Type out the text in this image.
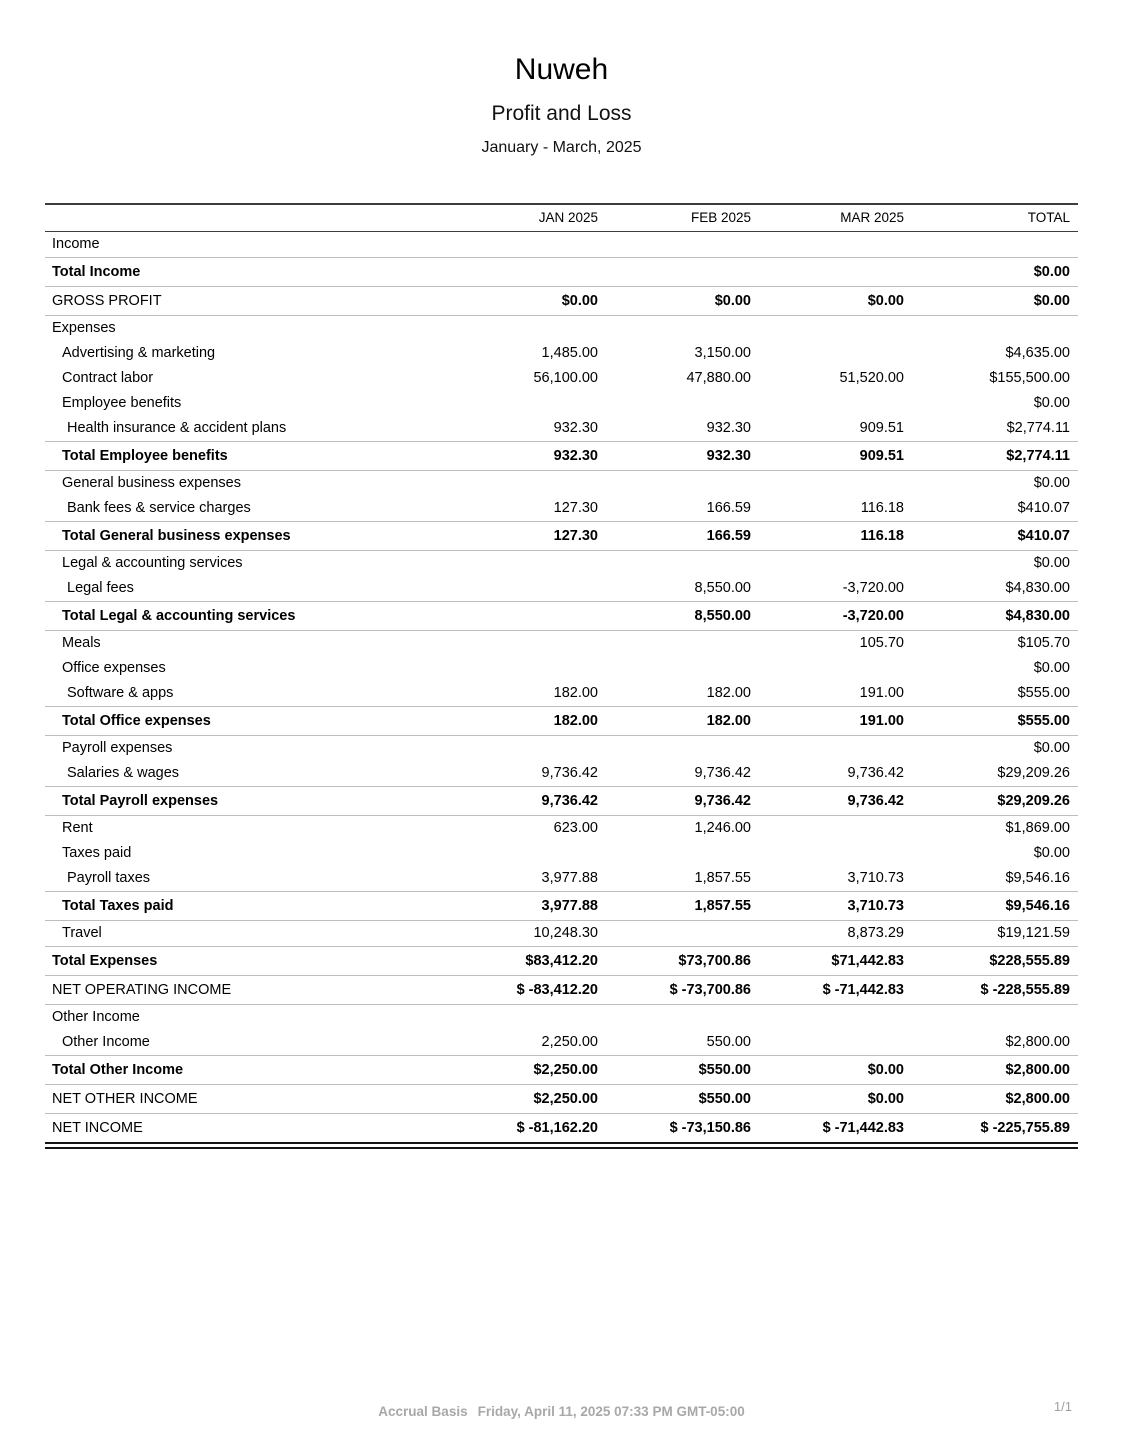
Nuweh
Profit and Loss
January - March, 2025
	JAN 2025	FEB 2025	MAR 2025	TOTAL
Income				
Total Income				$0.00
GROSS PROFIT	$0.00	$0.00	$0.00	$0.00
Expenses				
Advertising & marketing	1,485.00	3,150.00		$4,635.00
Contract labor	56,100.00	47,880.00	51,520.00	$155,500.00
Employee benefits				$0.00
Health insurance & accident plans	932.30	932.30	909.51	$2,774.11
Total Employee benefits	932.30	932.30	909.51	$2,774.11
General business expenses				$0.00
Bank fees & service charges	127.30	166.59	116.18	$410.07
Total General business expenses	127.30	166.59	116.18	$410.07
Legal & accounting services				$0.00
Legal fees		8,550.00	-3,720.00	$4,830.00
Total Legal & accounting services		8,550.00	-3,720.00	$4,830.00
Meals			105.70	$105.70
Office expenses				$0.00
Software & apps	182.00	182.00	191.00	$555.00
Total Office expenses	182.00	182.00	191.00	$555.00
Payroll expenses				$0.00
Salaries & wages	9,736.42	9,736.42	9,736.42	$29,209.26
Total Payroll expenses	9,736.42	9,736.42	9,736.42	$29,209.26
Rent	623.00	1,246.00		$1,869.00
Taxes paid				$0.00
Payroll taxes	3,977.88	1,857.55	3,710.73	$9,546.16
Total Taxes paid	3,977.88	1,857.55	3,710.73	$9,546.16
Travel	10,248.30		8,873.29	$19,121.59
Total Expenses	$83,412.20	$73,700.86	$71,442.83	$228,555.89
NET OPERATING INCOME	$ -83,412.20	$ -73,700.86	$ -71,442.83	$ -228,555.89
Other Income				
Other Income	2,250.00	550.00		$2,800.00
Total Other Income	$2,250.00	$550.00	$0.00	$2,800.00
NET OTHER INCOME	$2,250.00	$550.00	$0.00	$2,800.00
NET INCOME	$ -81,162.20	$ -73,150.86	$ -71,442.83	$ -225,755.89
Accrual Basis Friday, April 11, 2025 07:33 PM GMT-05:00	1/1
